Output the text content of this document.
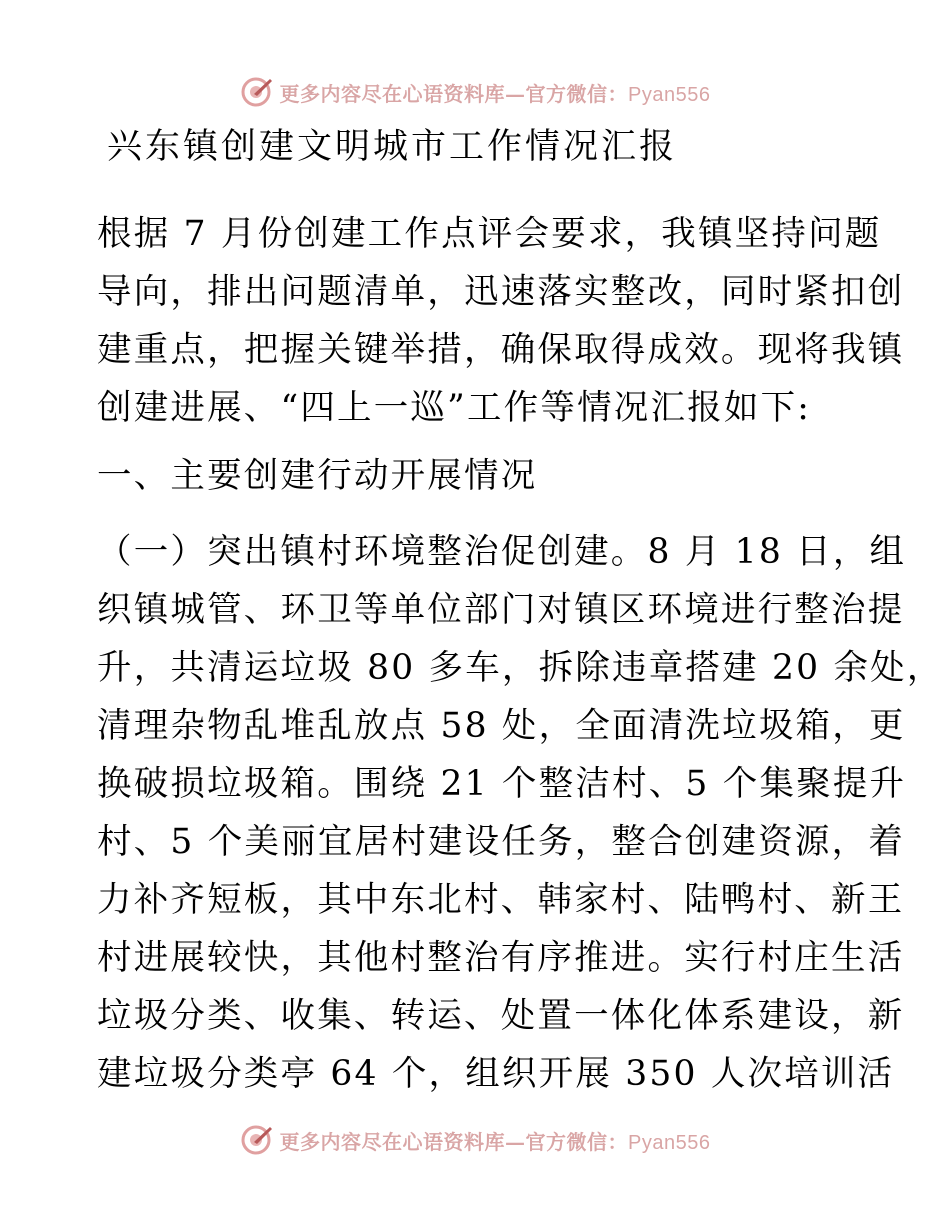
更多内容尽在心语资料库—官方微信：Pyan556
兴东镇创建文明城市工作情况汇报
根据 7 月份创建工作点评会要求，我镇坚持问题
导向，排出问题清单，迅速落实整改，同时紧扣创
建重点，把握关键举措，确保取得成效。现将我镇
创建进展、“四上一巡”工作等情况汇报如下:
一、主要创建行动开展情况
（一）突出镇村环境整治促创建。8 月 18 日，组
织镇城管、环卫等单位部门对镇区环境进行整治提
升，共清运垃圾 80 多车，拆除违章搭建 20 余处，
清理杂物乱堆乱放点 58 处，全面清洗垃圾箱，更
换破损垃圾箱。围绕 21 个整洁村、5 个集聚提升
村、5 个美丽宜居村建设任务，整合创建资源，着
力补齐短板，其中东北村、韩家村、陆鸭村、新王
村进展较快，其他村整治有序推进。实行村庄生活
垃圾分类、收集、转运、处置一体化体系建设，新
建垃圾分类亭 64 个，组织开展 350 人次培训活
更多内容尽在心语资料库—官方微信：Pyan556
